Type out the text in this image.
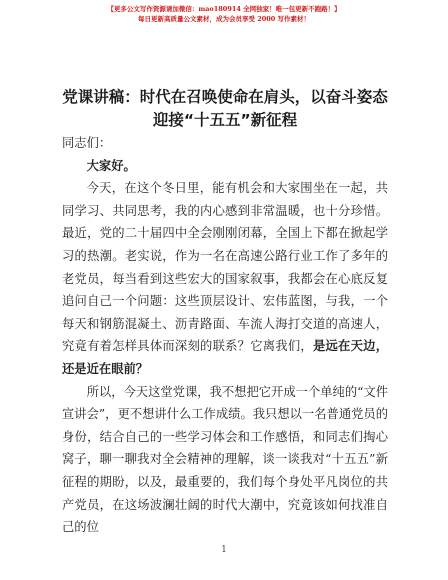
【更多公文写作资源请加微信：mao180914 全网独家！唯一包更新不跑路！】
每日更新高质量公文素材，成为会员享受 2000 写作素材！
党课讲稿：时代在召唤使命在肩头，以奋斗姿态迎接“十五五”新征程

同志们：

大家好。

今天，在这个冬日里，能有机会和大家围坐在一起，共同学习、共同思考，我的内心感到非常温暖，也十分珍惜。最近，党的二十届四中全会刚刚闭幕，全国上下都在掀起学习的热潮。老实说，作为一名在高速公路行业工作了多年的老党员，每当看到这些宏大的国家叙事，我都会在心底反复追问自己一个问题：这些顶层设计、宏伟蓝图，与我，一个每天和钢筋混凝土、沥青路面、车流人海打交道的高速人，究竟有着怎样具体而深刻的联系？它离我们，是远在天边，还是近在眼前？

所以，今天这堂党课，我不想把它开成一个单纯的“文件宣讲会”，更不想讲什么工作成绩。我只想以一名普通党员的身份，结合自己的一些学习体会和工作感悟，和同志们掏心窝子，聊一聊我对全会精神的理解，谈一谈我对“十五五”新征程的期盼，以及，最重要的，我们每个身处平凡岗位的共产党员，在这场波澜壮阔的时代大潮中，究竟该如何找准自己的位

1
